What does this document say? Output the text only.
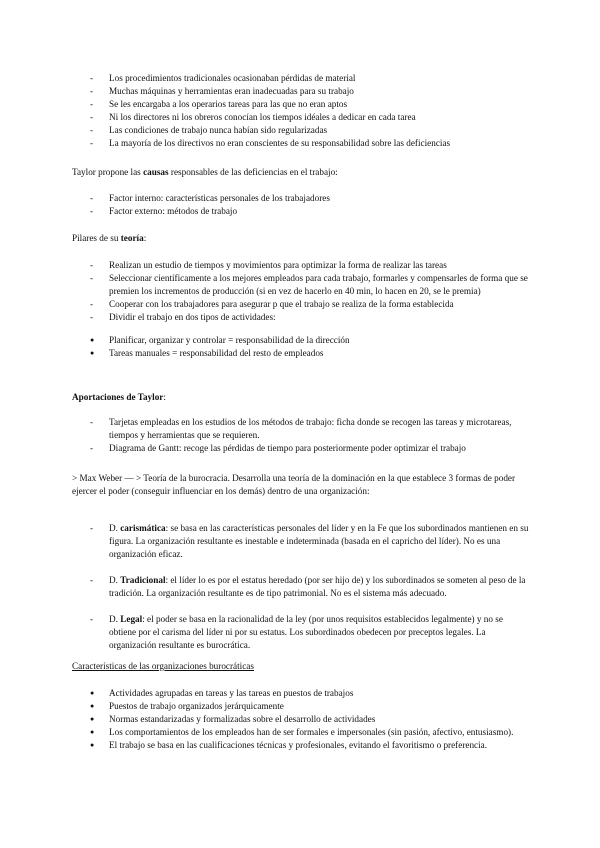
- Los procedimientos tradicionales ocasionaban pérdidas de material
- Muchas máquinas y herramientas eran inadecuadas para su trabajo
- Se les encargaba a los operarios tareas para las que no eran aptos
- Ni los directores ni los obreros conocían los tiempos idéales a dedicar en cada tarea
- Las condiciones de trabajo nunca habían sido regularizadas
- La mayoría de los directivos no eran conscientes de su responsabilidad sobre las deficiencias

Taylor propone las causas responsables de las deficiencias en el trabajo:

- Factor interno: características personales de los trabajadores
- Factor externo: métodos de trabajo

Pilares de su teoría:

- Realizan un estudio de tiempos y movimientos para optimizar la forma de realizar las tareas
- Seleccionar científicamente a los mejores empleados para cada trabajo, formarles y compensarles de forma que se premien los incrementos de producción (si en vez de hacerlo en 40 min, lo hacen en 20, se le premia)
- Cooperar con los trabajadores para asegurar p que el trabajo se realiza de la forma establecida
- Dividir el trabajo en dos tipos de actividades:
● Planificar, organizar y controlar = responsabilidad de la dirección
● Tareas manuales = responsabilidad del resto de empleados

Aportaciones de Taylor:

- Tarjetas empleadas en los estudios de los métodos de trabajo: ficha donde se recogen las tareas y microtareas, tiempos y herramientas que se requieren.
- Diagrama de Gantt: recoge las pérdidas de tiempo para posteriormente poder optimizar el trabajo

> Max Weber — > Teoría de la burocracia. Desarrolla una teoría de la dominación en la que establece 3 formas de poder ejercer el poder (conseguir influenciar en los demás) dentro de una organización:

- D. carismática: se basa en las características personales del líder y en la Fe que los subordinados mantienen en su figura. La organización resultante es inestable e indeterminada (basada en el capricho del líder). No es una organización eficaz.
- D. Tradicional: el líder lo es por el estatus heredado (por ser hijo de) y los subordinados se someten al peso de la tradición. La organización resultante es de tipo patrimonial. No es el sistema más adecuado.
- D. Legal: el poder se basa en la racionalidad de la ley (por unos requisitos establecidos legalmente) y no se obtiene por el carisma del líder ni por su estatus. Los subordinados obedecen por preceptos legales. La organización resultante es burocrática.

Características de las organizaciones burocráticas

● Actividades agrupadas en tareas y las tareas en puestos de trabajos
● Puestos de trabajo organizados jerárquicamente
● Normas estandarizadas y formalizadas sobre el desarrollo de actividades
● Los comportamientos de los empleados han de ser formales e impersonales (sin pasión, afectivo, entusiasmo).
● El trabajo se basa en las cualificaciones técnicas y profesionales, evitando el favoritismo o preferencia.
